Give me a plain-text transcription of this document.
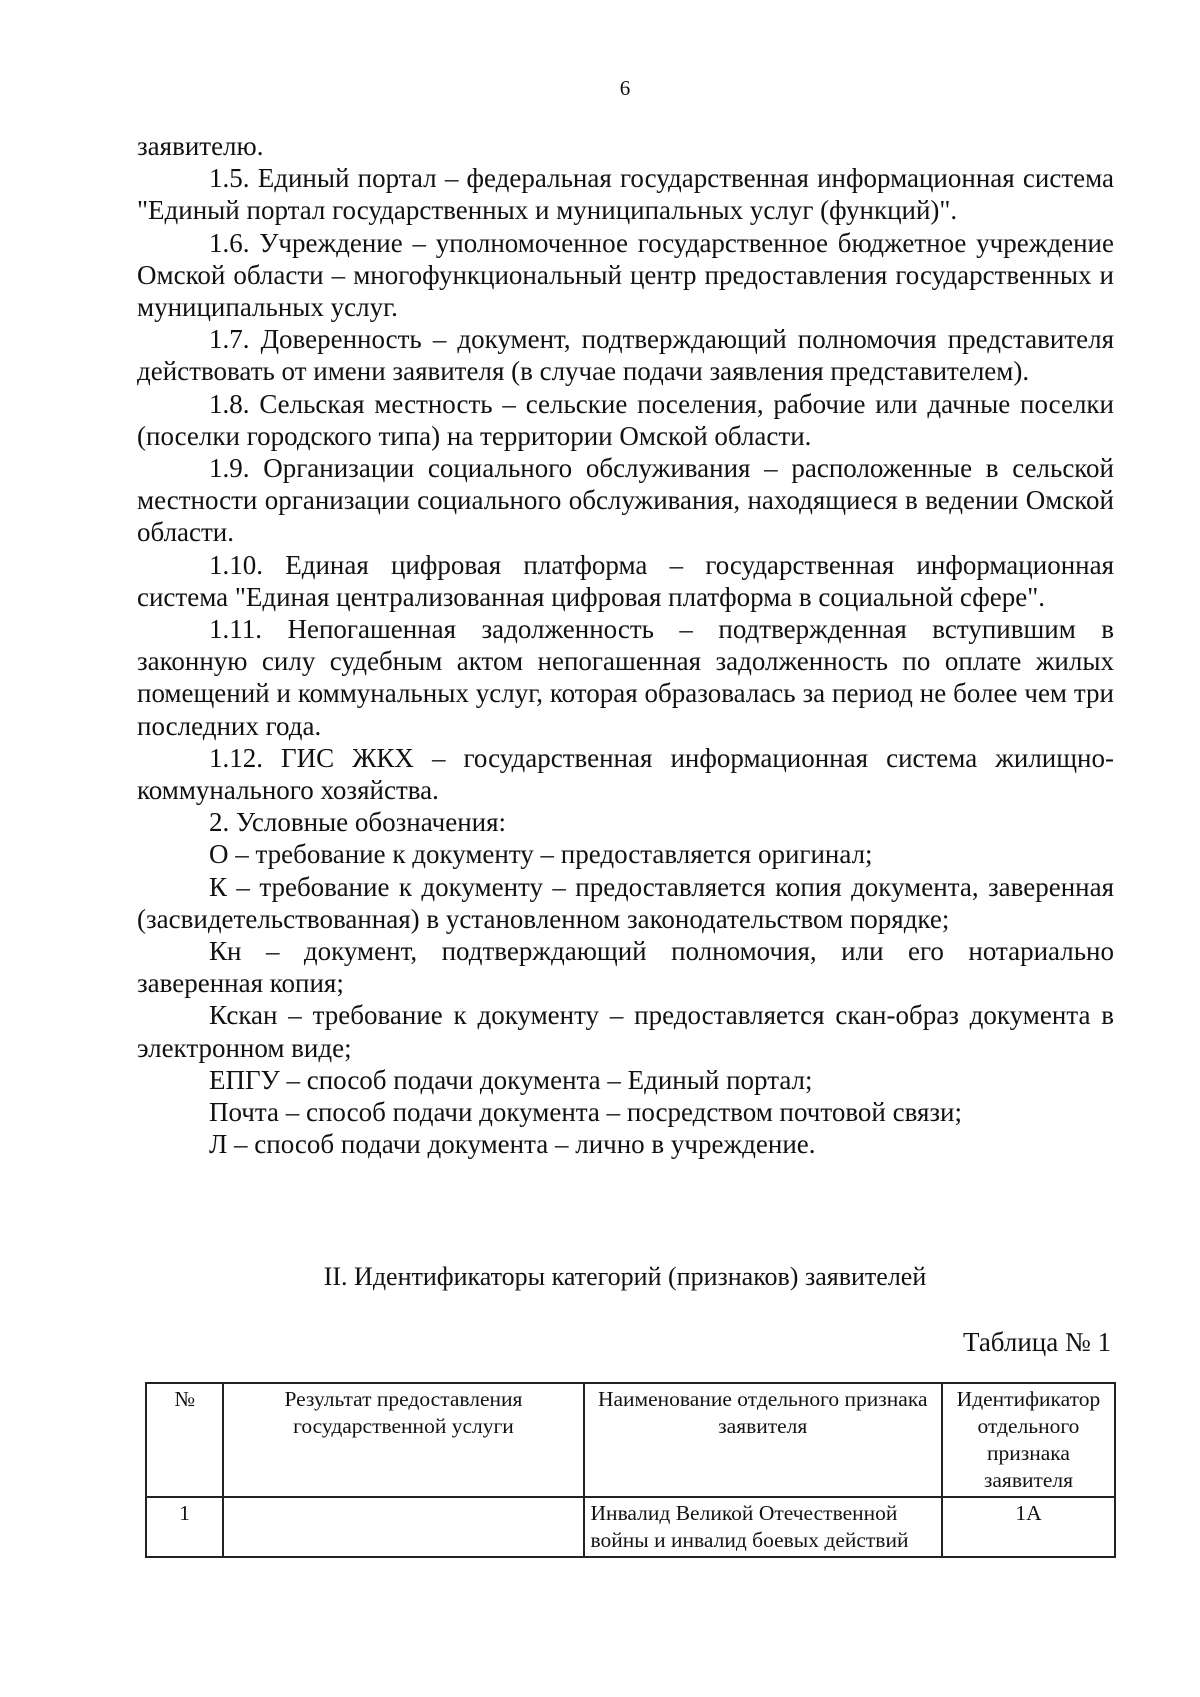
6

заявителю.

1.5. Единый портал – федеральная государственная информационная система "Единый портал государственных и муниципальных услуг (функций)".

1.6. Учреждение – уполномоченное государственное бюджетное учреждение Омской области – многофункциональный центр предоставления государственных и муниципальных услуг.

1.7. Доверенность – документ, подтверждающий полномочия представителя действовать от имени заявителя (в случае подачи заявления представителем).

1.8. Сельская местность – сельские поселения, рабочие или дачные поселки (поселки городского типа) на территории Омской области.

1.9. Организации социального обслуживания – расположенные в сельской местности организации социального обслуживания, находящиеся в ведении Омской области.

1.10. Единая цифровая платформа – государственная информационная система "Единая централизованная цифровая платформа в социальной сфере".

1.11. Непогашенная задолженность – подтвержденная вступившим в законную силу судебным актом непогашенная задолженность по оплате жилых помещений и коммунальных услуг, которая образовалась за период не более чем три последних года.

1.12. ГИС ЖКХ – государственная информационная система жилищно-коммунального хозяйства.

2. Условные обозначения:

О – требование к документу – предоставляется оригинал;

К – требование к документу – предоставляется копия документа, заверенная (засвидетельствованная) в установленном законодательством порядке;

Кн – документ, подтверждающий полномочия, или его нотариально заверенная копия;

Кскан – требование к документу – предоставляется скан-образ документа в электронном виде;

ЕПГУ – способ подачи документа – Единый портал;

Почта – способ подачи документа – посредством почтовой связи;

Л – способ подачи документа – лично в учреждение.

II. Идентификаторы категорий (признаков) заявителей
Таблица № 1
№	Результат предоставления государственной услуги	Наименование отдельного признака заявителя	Идентификатор отдельного признака заявителя
1		Инвалид Великой Отечественной войны и инвалид боевых действий	1А
